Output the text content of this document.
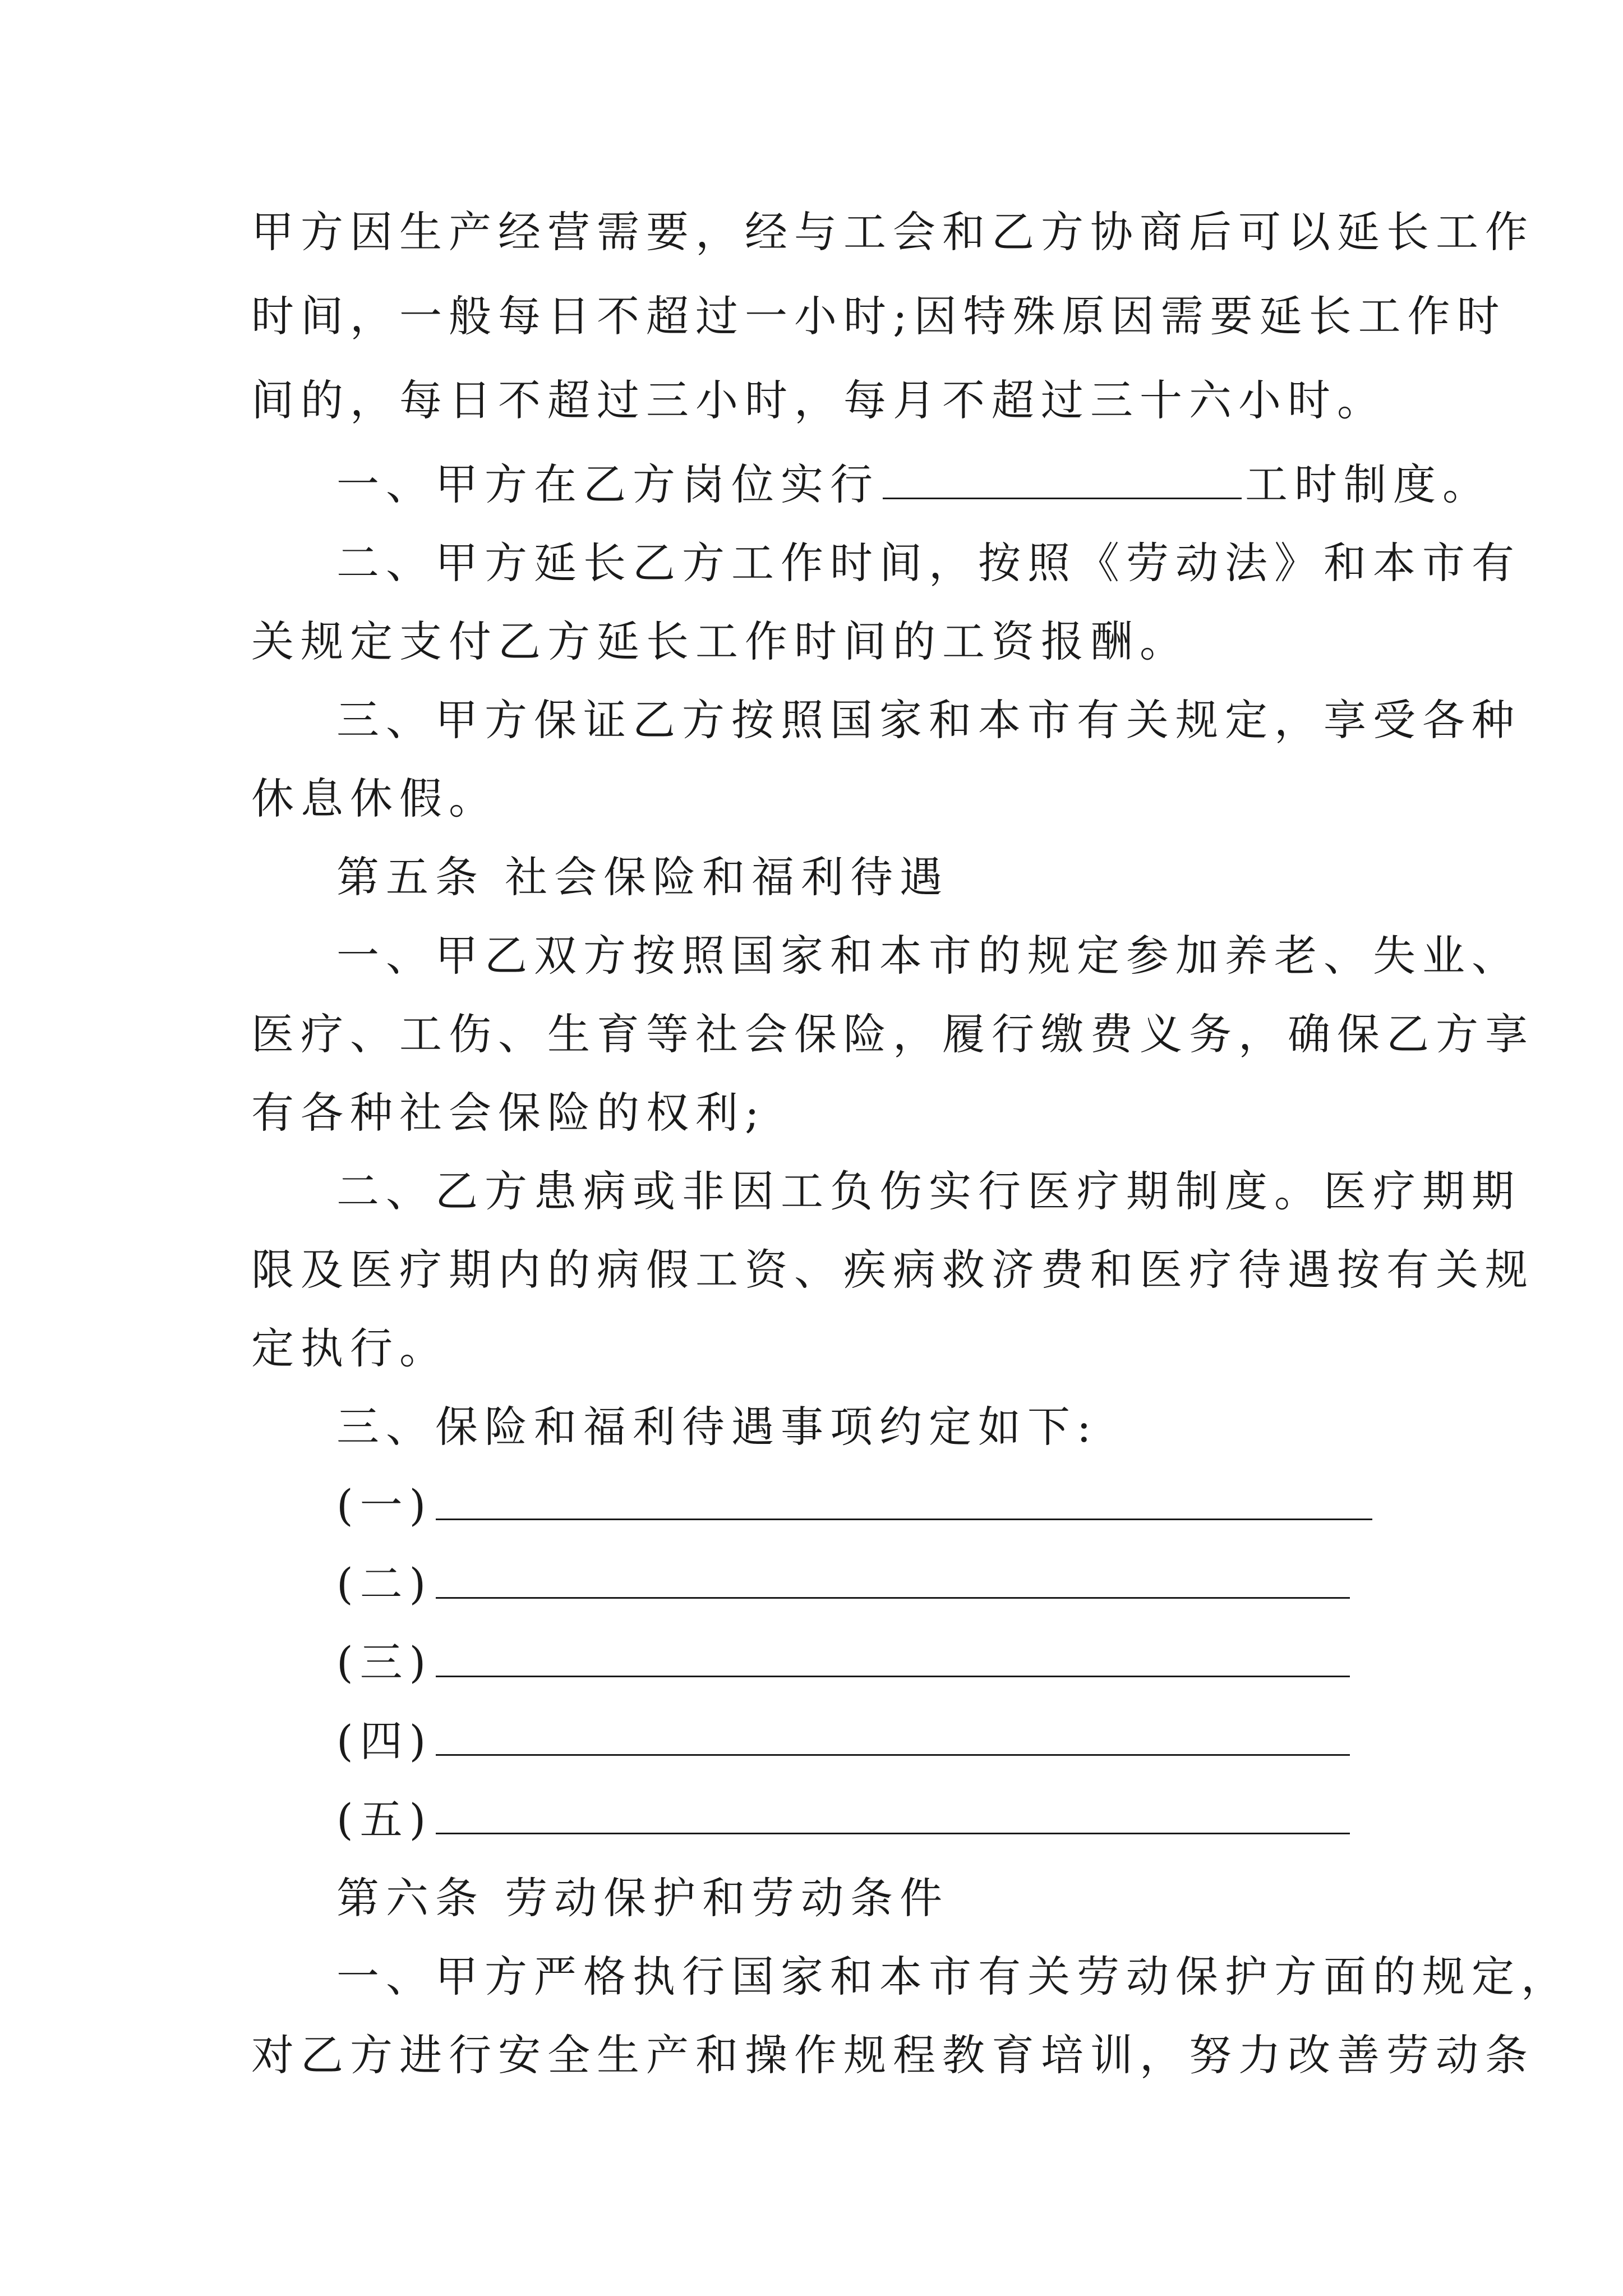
甲方因生产经营需要，经与工会和乙方协商后可以延长工作
时间，一般每日不超过一小时;因特殊原因需要延长工作时
间的，每日不超过三小时，每月不超过三十六小时。
一、甲方在乙方岗位实行	工时制度。
二、甲方延长乙方工作时间，按照《劳动法》和本市有
关规定支付乙方延长工作时间的工资报酬。
三、甲方保证乙方按照国家和本市有关规定，享受各种
休息休假。
第五条 社会保险和福利待遇
一、甲乙双方按照国家和本市的规定参加养老、失业、
医疗、工伤、生育等社会保险，履行缴费义务，确保乙方享
有各种社会保险的权利;
二、乙方患病或非因工负伤实行医疗期制度。医疗期期
限及医疗期内的病假工资、疾病救济费和医疗待遇按有关规
定执行。
三、保险和福利待遇事项约定如下:
(一)
(二)
(三)
(四)
(五)
第六条 劳动保护和劳动条件
一、甲方严格执行国家和本市有关劳动保护方面的规定，
对乙方进行安全生产和操作规程教育培训，努力改善劳动条
